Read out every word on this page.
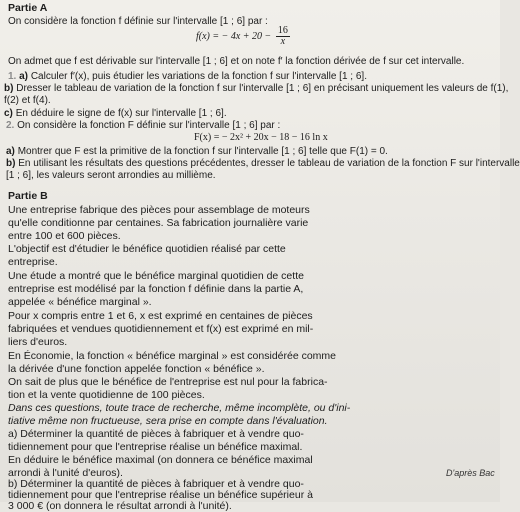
Partie A
On considère la fonction f définie sur l'intervalle [1 ; 6] par :
f(x) = − $4x + 20 - \frac{16}{x}$
On admet que f est dérivable sur l'intervalle [1 ; 6] et on note f′ la fonction dérivée de f sur cet intervalle.
1. a) Calculer f′(x), puis étudier les variations de la fonction f sur l'intervalle [1 ; 6].
b) Dresser le tableau de variation de la fonction f sur l'intervalle [1 ; 6] en précisant uniquement les valeurs de f(1),
f(2) et f(4).
c) En déduire le signe de f(x) sur l'intervalle [1 ; 6].
2. On considère la fonction F définie sur l'intervalle [1 ; 6] par :
F(x) = − 2x² + 20x − 18 − 16 ln x
a) Montrer que F est la primitive de la fonction f sur l'intervalle [1 ; 6] telle que F(1) = 0.
b) En utilisant les résultats des questions précédentes, dresser le tableau de variation de la fonction F sur l'intervalle
[1 ; 6], les valeurs seront arrondies au millième.
Partie B
Une entreprise fabrique des pièces pour assemblage de moteurs
qu'elle conditionne par centaines. Sa fabrication journalière varie
entre 100 et 600 pièces.
L'objectif est d'étudier le bénéfice quotidien réalisé par cette
entreprise.
Une étude a montré que le bénéfice marginal quotidien de cette
entreprise est modélisé par la fonction f définie dans la partie A,
appelée « bénéfice marginal ».
Pour x compris entre 1 et 6, x est exprimé en centaines de pièces
fabriquées et vendues quotidiennement et f(x) est exprimé en mil-
liers d'euros.
En Économie, la fonction « bénéfice marginal » est considérée comme
la dérivée d'une fonction appelée fonction « bénéfice ».
On sait de plus que le bénéfice de l'entreprise est nul pour la fabrica-
tion et la vente quotidienne de 100 pièces.
Dans ces questions, toute trace de recherche, même incomplète, ou d'ini-
tiative même non fructueuse, sera prise en compte dans l'évaluation.
a) Déterminer la quantité de pièces à fabriquer et à vendre quo-
tidiennement pour que l'entreprise réalise un bénéfice maximal.
En déduire le bénéfice maximal (on donnera ce bénéfice maximal
arrondi à l'unité d'euros).
b) Déterminer la quantité de pièces à fabriquer et à vendre quo-
tidiennement pour que l'entreprise réalise un bénéfice supérieur à
3 000 € (on donnera le résultat arrondi à l'unité).
D'après Bac
